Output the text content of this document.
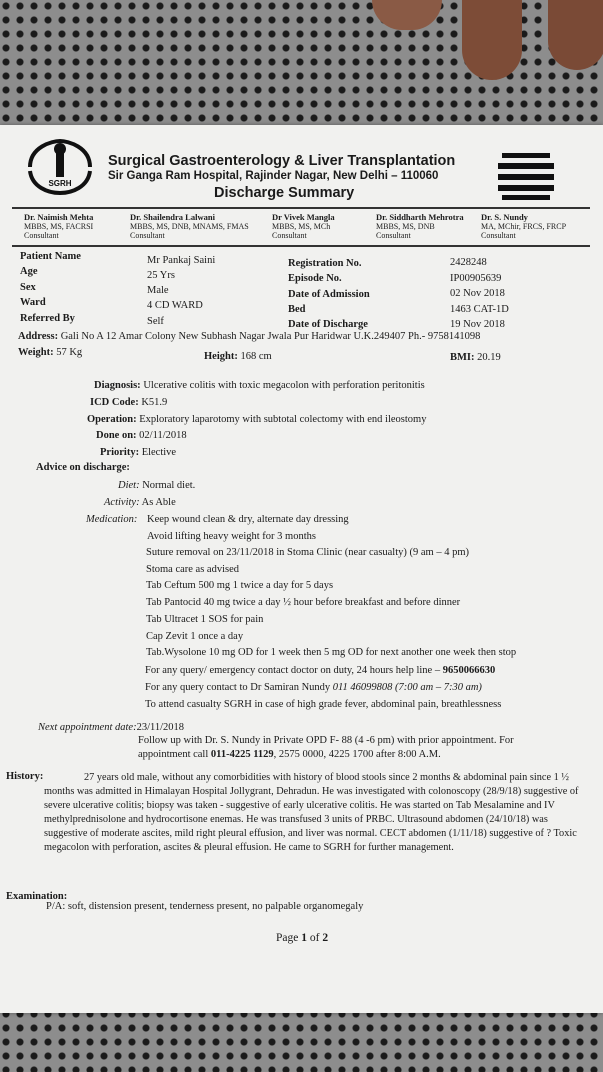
SGRH
Surgical Gastroenterology & Liver Transplantation
Sir Ganga Ram Hospital, Rajinder Nagar, New Delhi – 110060
Discharge Summary
Dr. Naimish Mehta
MBBS, MS, FACRSI
Consultant
Dr. Shailendra Lalwani
MBBS, MS, DNB, MNAMS, FMAS
Consultant
Dr Vivek Mangla
MBBS, MS, MCh
Consultant
Dr. Siddharth Mehrotra
MBBS, MS, DNB
Consultant
Dr. S. Nundy
MA, MChir, FRCS, FRCP
Consultant
Patient Name	Mr Pankaj Saini
Age	25 Yrs
Sex	Male
Ward	4 CD WARD
Referred By	Self
Registration No.	2428248
Episode No.	IP00905639
Date of Admission	02 Nov 2018
Bed	1463 CAT-1D
Date of Discharge	19 Nov 2018
Address: Gali No A 12 Amar Colony New Subhash Nagar Jwala Pur Haridwar U.K.249407 Ph.- 9758141098
Weight: 57 Kg	Height: 168 cm	BMI: 20.19
Diagnosis: Ulcerative colitis with toxic megacolon with perforation peritonitis
ICD Code: K51.9
Operation: Exploratory laparotomy with subtotal colectomy with end ileostomy
Done on: 02/11/2018
Priority: Elective
Advice on discharge:
Diet: Normal diet.
Activity: As Able
Medication: Keep wound clean & dry, alternate day dressing
Avoid lifting heavy weight for 3 months
Suture removal on 23/11/2018 in Stoma Clinic (near casualty) (9 am – 4 pm)
Stoma care as advised
Tab Ceftum 500 mg 1 twice a day for 5 days
Tab Pantocid 40 mg twice a day ½ hour before breakfast and before dinner
Tab Ultracet 1 SOS for pain
Cap Zevit 1 once a day
Tab.Wysolone 10 mg OD for 1 week then 5 mg OD for next another one week then stop
For any query/ emergency contact doctor on duty, 24 hours help line – 9650066630
For any query contact to Dr Samiran Nundy 011 46099808 (7:00 am – 7:30 am)
To attend casualty SGRH in case of high grade fever, abdominal pain, breathlessness
Next appointment date:23/11/2018
Follow up with Dr. S. Nundy in Private OPD F- 88 (4 -6 pm) with prior appointment. For
appointment call 011-4225 1129, 2575 0000, 4225 1700 after 8:00 A.M.
History:	27 years old male, without any comorbidities with history of blood stools since 2 months & abdominal pain since 1 ½ months was admitted in Himalayan Hospital Jollygrant, Dehradun. He was investigated with colonoscopy (28/9/18) suggestive of severe ulcerative colitis; biopsy was taken - suggestive of early ulcerative colitis. He was started on Tab Mesalamine and IV methylprednisolone and hydrocortisone enemas. He was transfused 3 units of PRBC. Ultrasound abdomen (24/10/18) was suggestive of moderate ascites, mild right pleural effusion, and liver was normal. CECT abdomen (1/11/18) suggestive of ? Toxic megacolon with perforation, ascites & pleural effusion. He came to SGRH for further management.
Examination:
P/A: soft, distension present, tenderness present, no palpable organomegaly
Page 1 of 2
